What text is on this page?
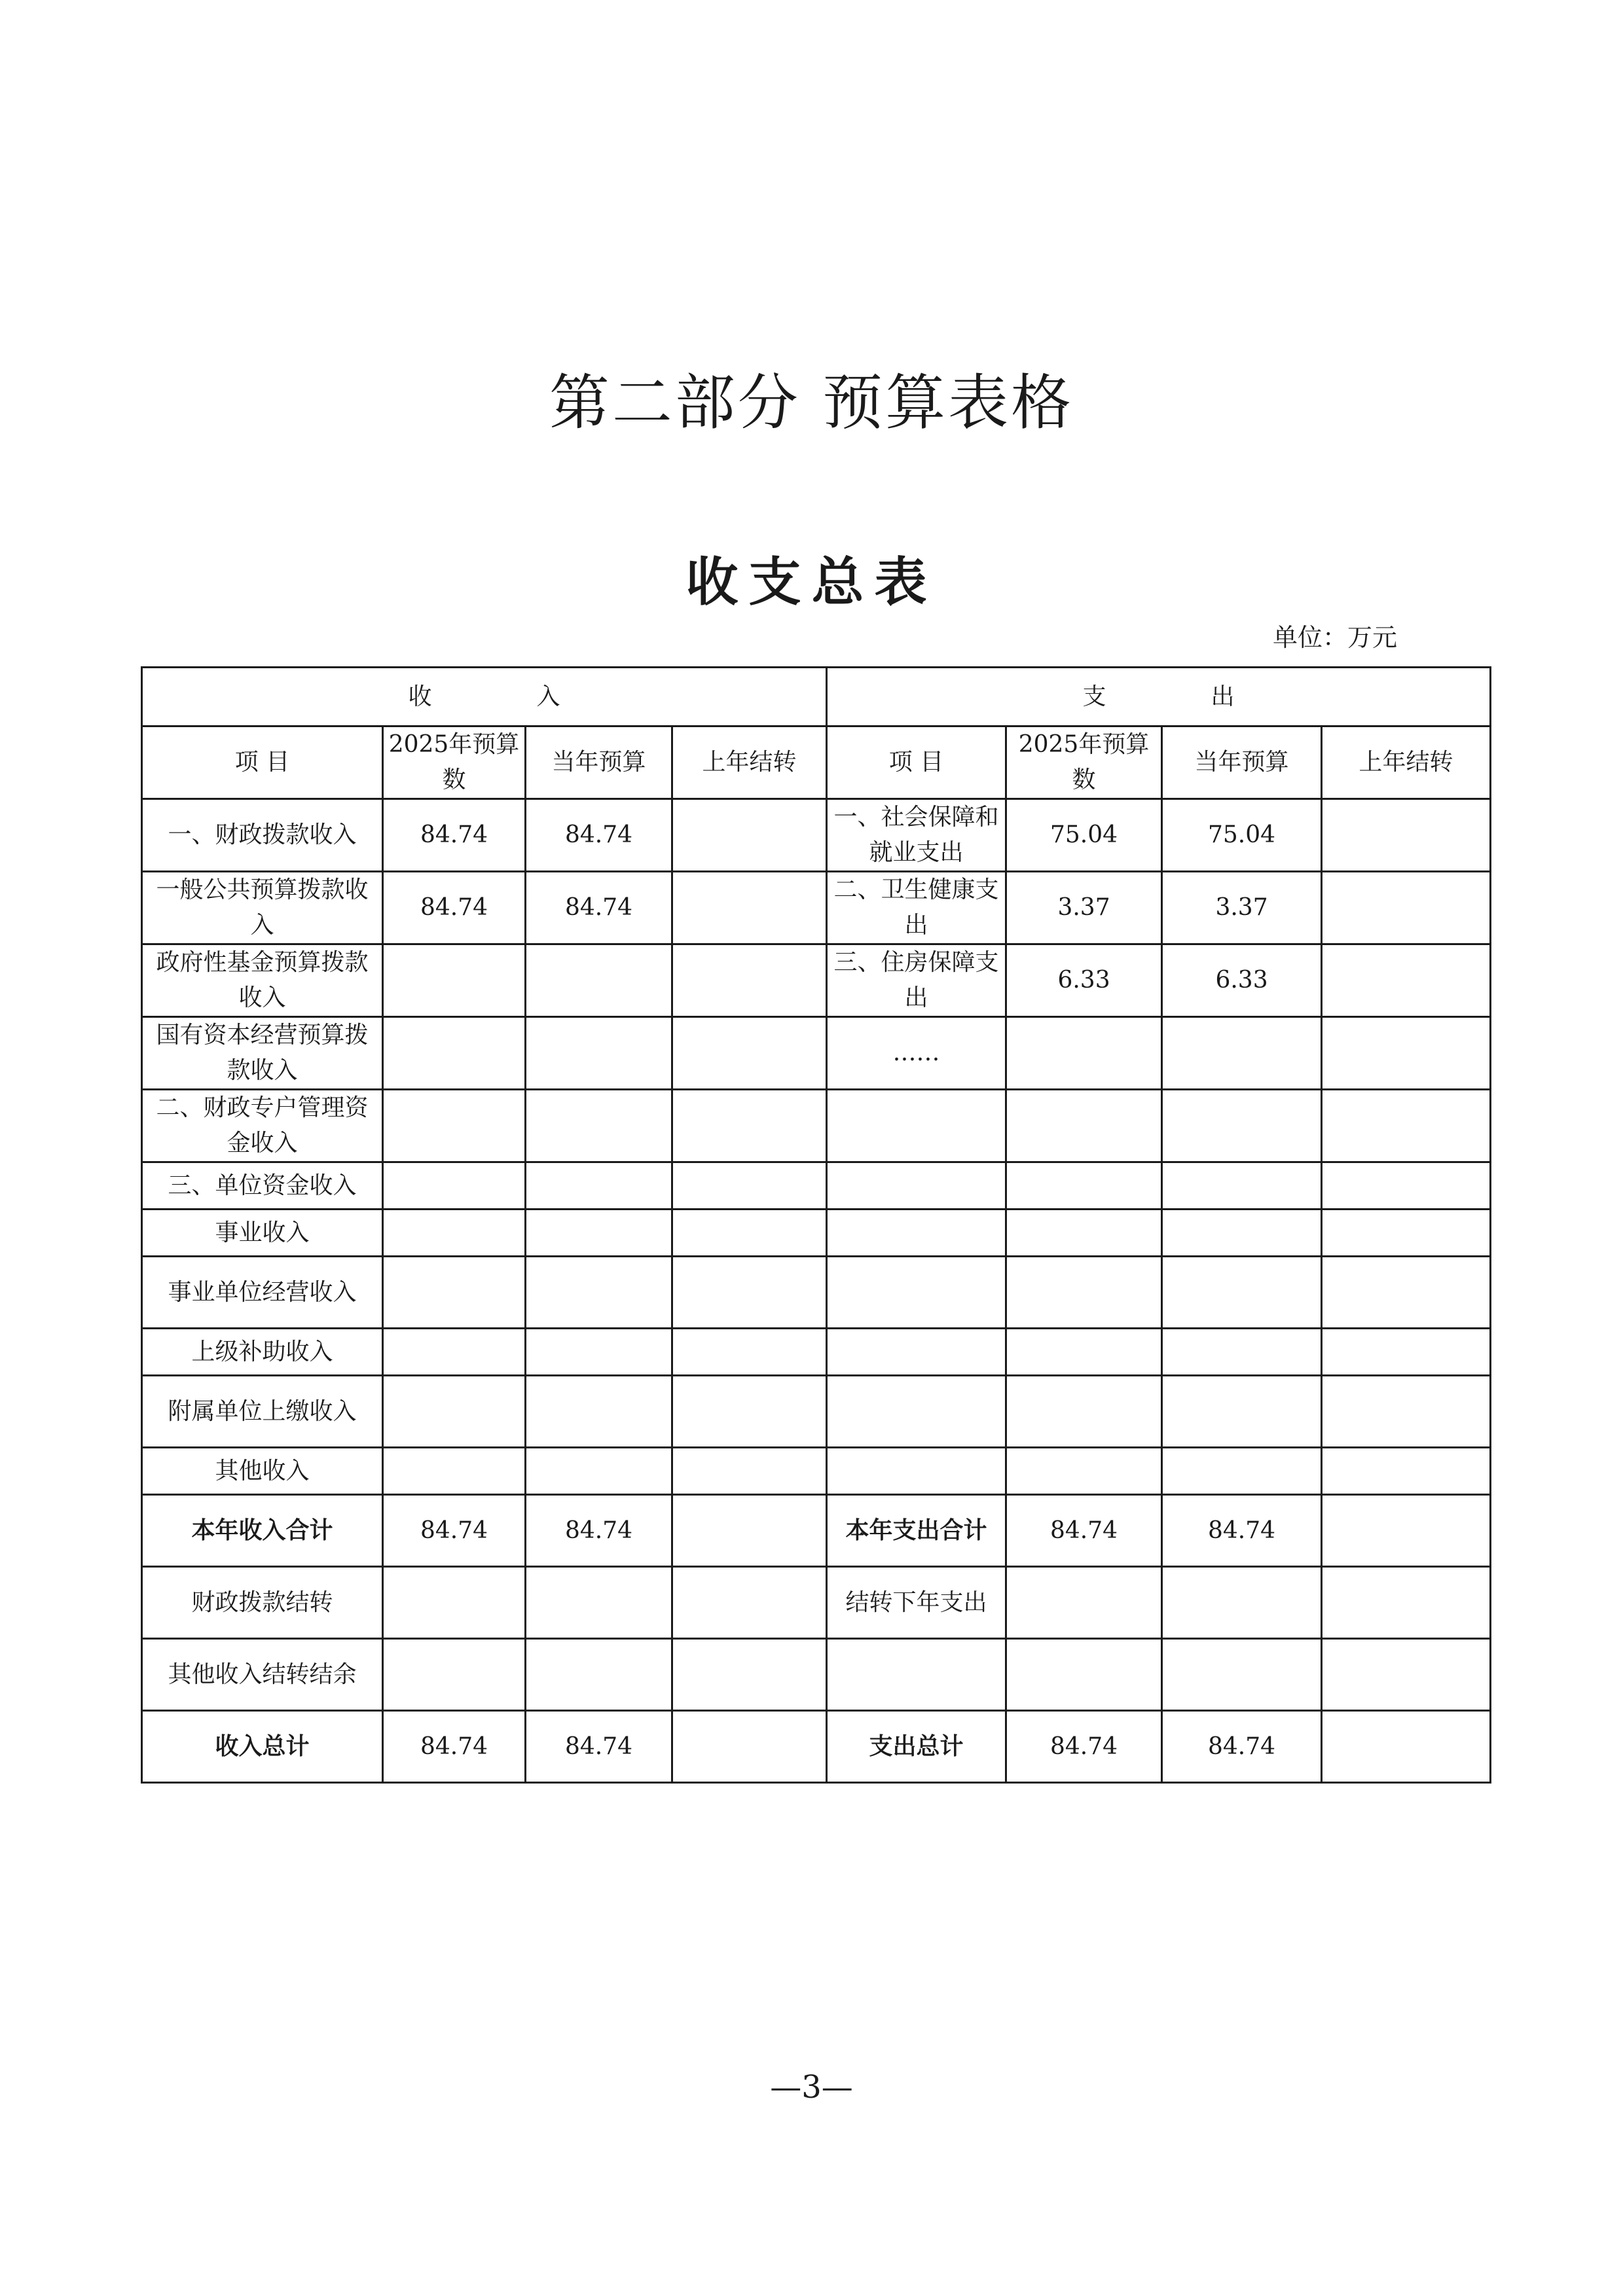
第二部分 预算表格
收支总表
单位：万元
收 入				支 出			
项 目	2025年预算数	当年预算	上年结转	项 目	2025年预算数	当年预算	上年结转
一、财政拨款收入	84.74	84.74		一、社会保障和就业支出	75.04	75.04	
一般公共预算拨款收入	84.74	84.74		二、卫生健康支出	3.37	3.37	
政府性基金预算拨款收入				三、住房保障支出	6.33	6.33	
国有资本经营预算拨款收入				……			
二、财政专户管理资金收入							
三、单位资金收入							
事业收入							
事业单位经营收入							
上级补助收入							
附属单位上缴收入							
其他收入							
本年收入合计	84.74	84.74		本年支出合计	84.74	84.74	
财政拨款结转				结转下年支出			
其他收入结转结余							
收入总计	84.74	84.74		支出总计	84.74	84.74	
—3—
